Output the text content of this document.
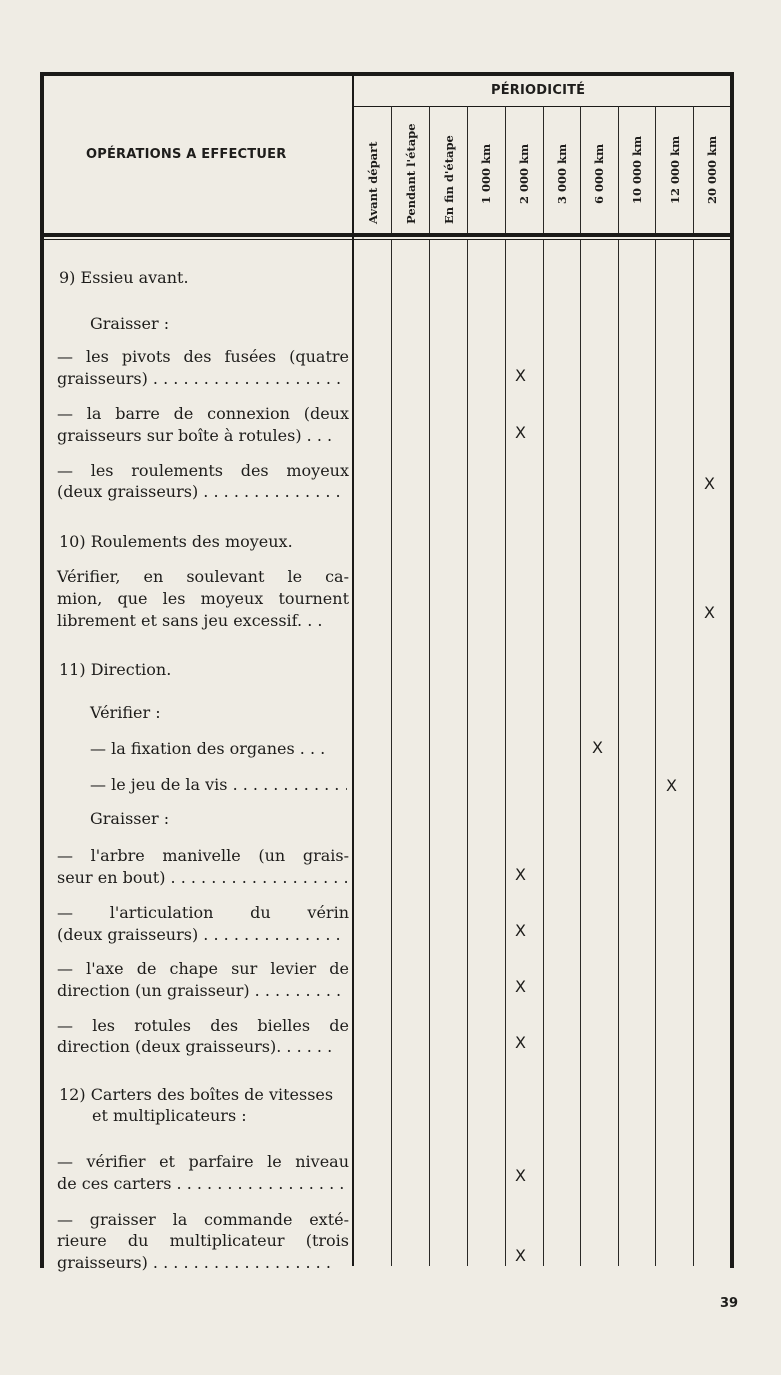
OPÉRATIONS A EFFECTUER
PÉRIODICITÉ
Avant départ Pendant l'étape En fin d'étape 1 000 km 2 000 km 3 000 km 6 000 km 10 000 km 12 000 km 20 000 km
9) Essieu avant.
Graisser :
— les pivots des fusées (quatre
graisseurs) . . .
— la barre de connexion (deux
graisseurs sur boîte à rotules) . . .
— les roulements des moyeux
(deux graisseurs) . . .
10) Roulements des moyeux.
Vérifier, en soulevant le ca-
mion, que les moyeux tournent
librement et sans jeu excessif. . .
11) Direction.
Vérifier :
— la fixation des organes . . .
— le jeu de la vis . . .
Graisser :
— l'arbre manivelle (un grais-
seur en bout) . . .
— l'articulation du vérin
(deux graisseurs) . . .
— l'axe de chape sur levier de
direction (un graisseur) . . .
— les rotules des bielles de
direction (deux graisseurs). . . . . .
12) Carters des boîtes de vitesses
et multiplicateurs :
— vérifier et parfaire le niveau
de ces carters . . .
— graisser la commande exté-
rieure du multiplicateur (trois
graisseurs) . . .
X
X
X
X
X
X
X
X
X
X
X
X
39
